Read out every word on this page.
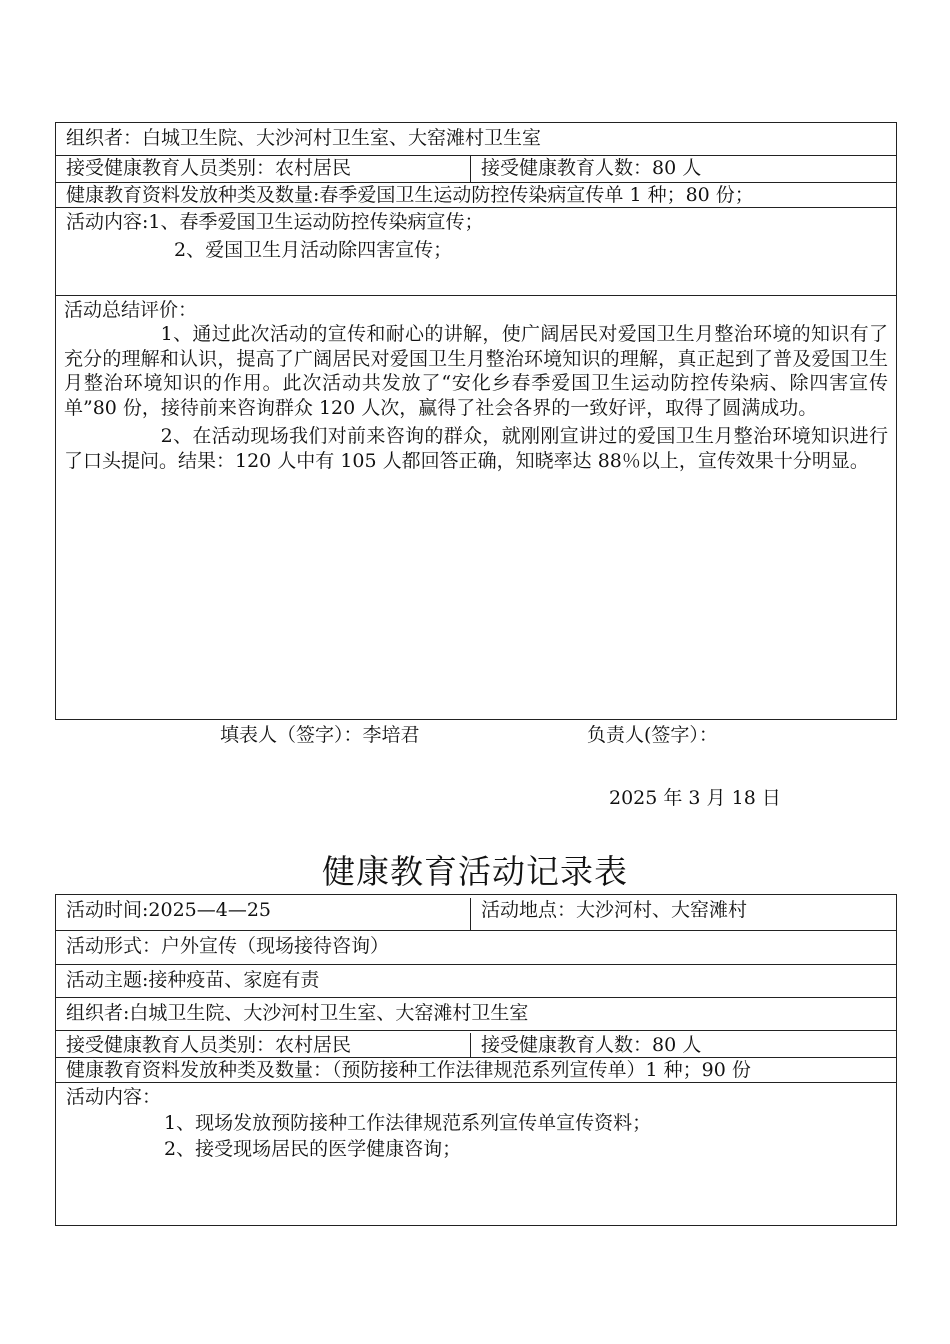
组织者：白城卫生院、大沙河村卫生室、大窑滩村卫生室
接受健康教育人员类别：农村居民	接受健康教育人数：80 人
健康教育资料发放种类及数量:春季爱国卫生运动防控传染病宣传单 1 种；80 份；
活动内容:1、春季爱国卫生运动防控传染病宣传；
2、爱国卫生月活动除四害宣传；
活动总结评价：
　　　　　1、通过此次活动的宣传和耐心的讲解，使广阔居民对爱国卫生月整治环境的知识有了充分的理解和认识，提高了广阔居民对爱国卫生月整治环境知识的理解，真正起到了普及爱国卫生月整治环境知识的作用。此次活动共发放了“安化乡春季爱国卫生运动防控传染病、除四害宣传单”80 份，接待前来咨询群众 120 人次，赢得了社会各界的一致好评，取得了圆满成功。
　　　　　2、在活动现场我们对前来咨询的群众，就刚刚宣讲过的爱国卫生月整治环境知识进行了口头提问。结果：120 人中有 105 人都回答正确，知晓率达 88％以上，宣传效果十分明显。
填表人（签字）：李培君	负责人(签字）：
2025 年 3 月 18 日
健康教育活动记录表
活动时间:2025—4—25	活动地点：大沙河村、大窑滩村
活动形式：户外宣传（现场接待咨询）
活动主题:接种疫苗、家庭有责
组织者:白城卫生院、大沙河村卫生室、大窑滩村卫生室
接受健康教育人员类别：农村居民	接受健康教育人数：80 人
健康教育资料发放种类及数量：（预防接种工作法律规范系列宣传单）1 种；90 份
活动内容：
1、现场发放预防接种工作法律规范系列宣传单宣传资料；
2、接受现场居民的医学健康咨询；
